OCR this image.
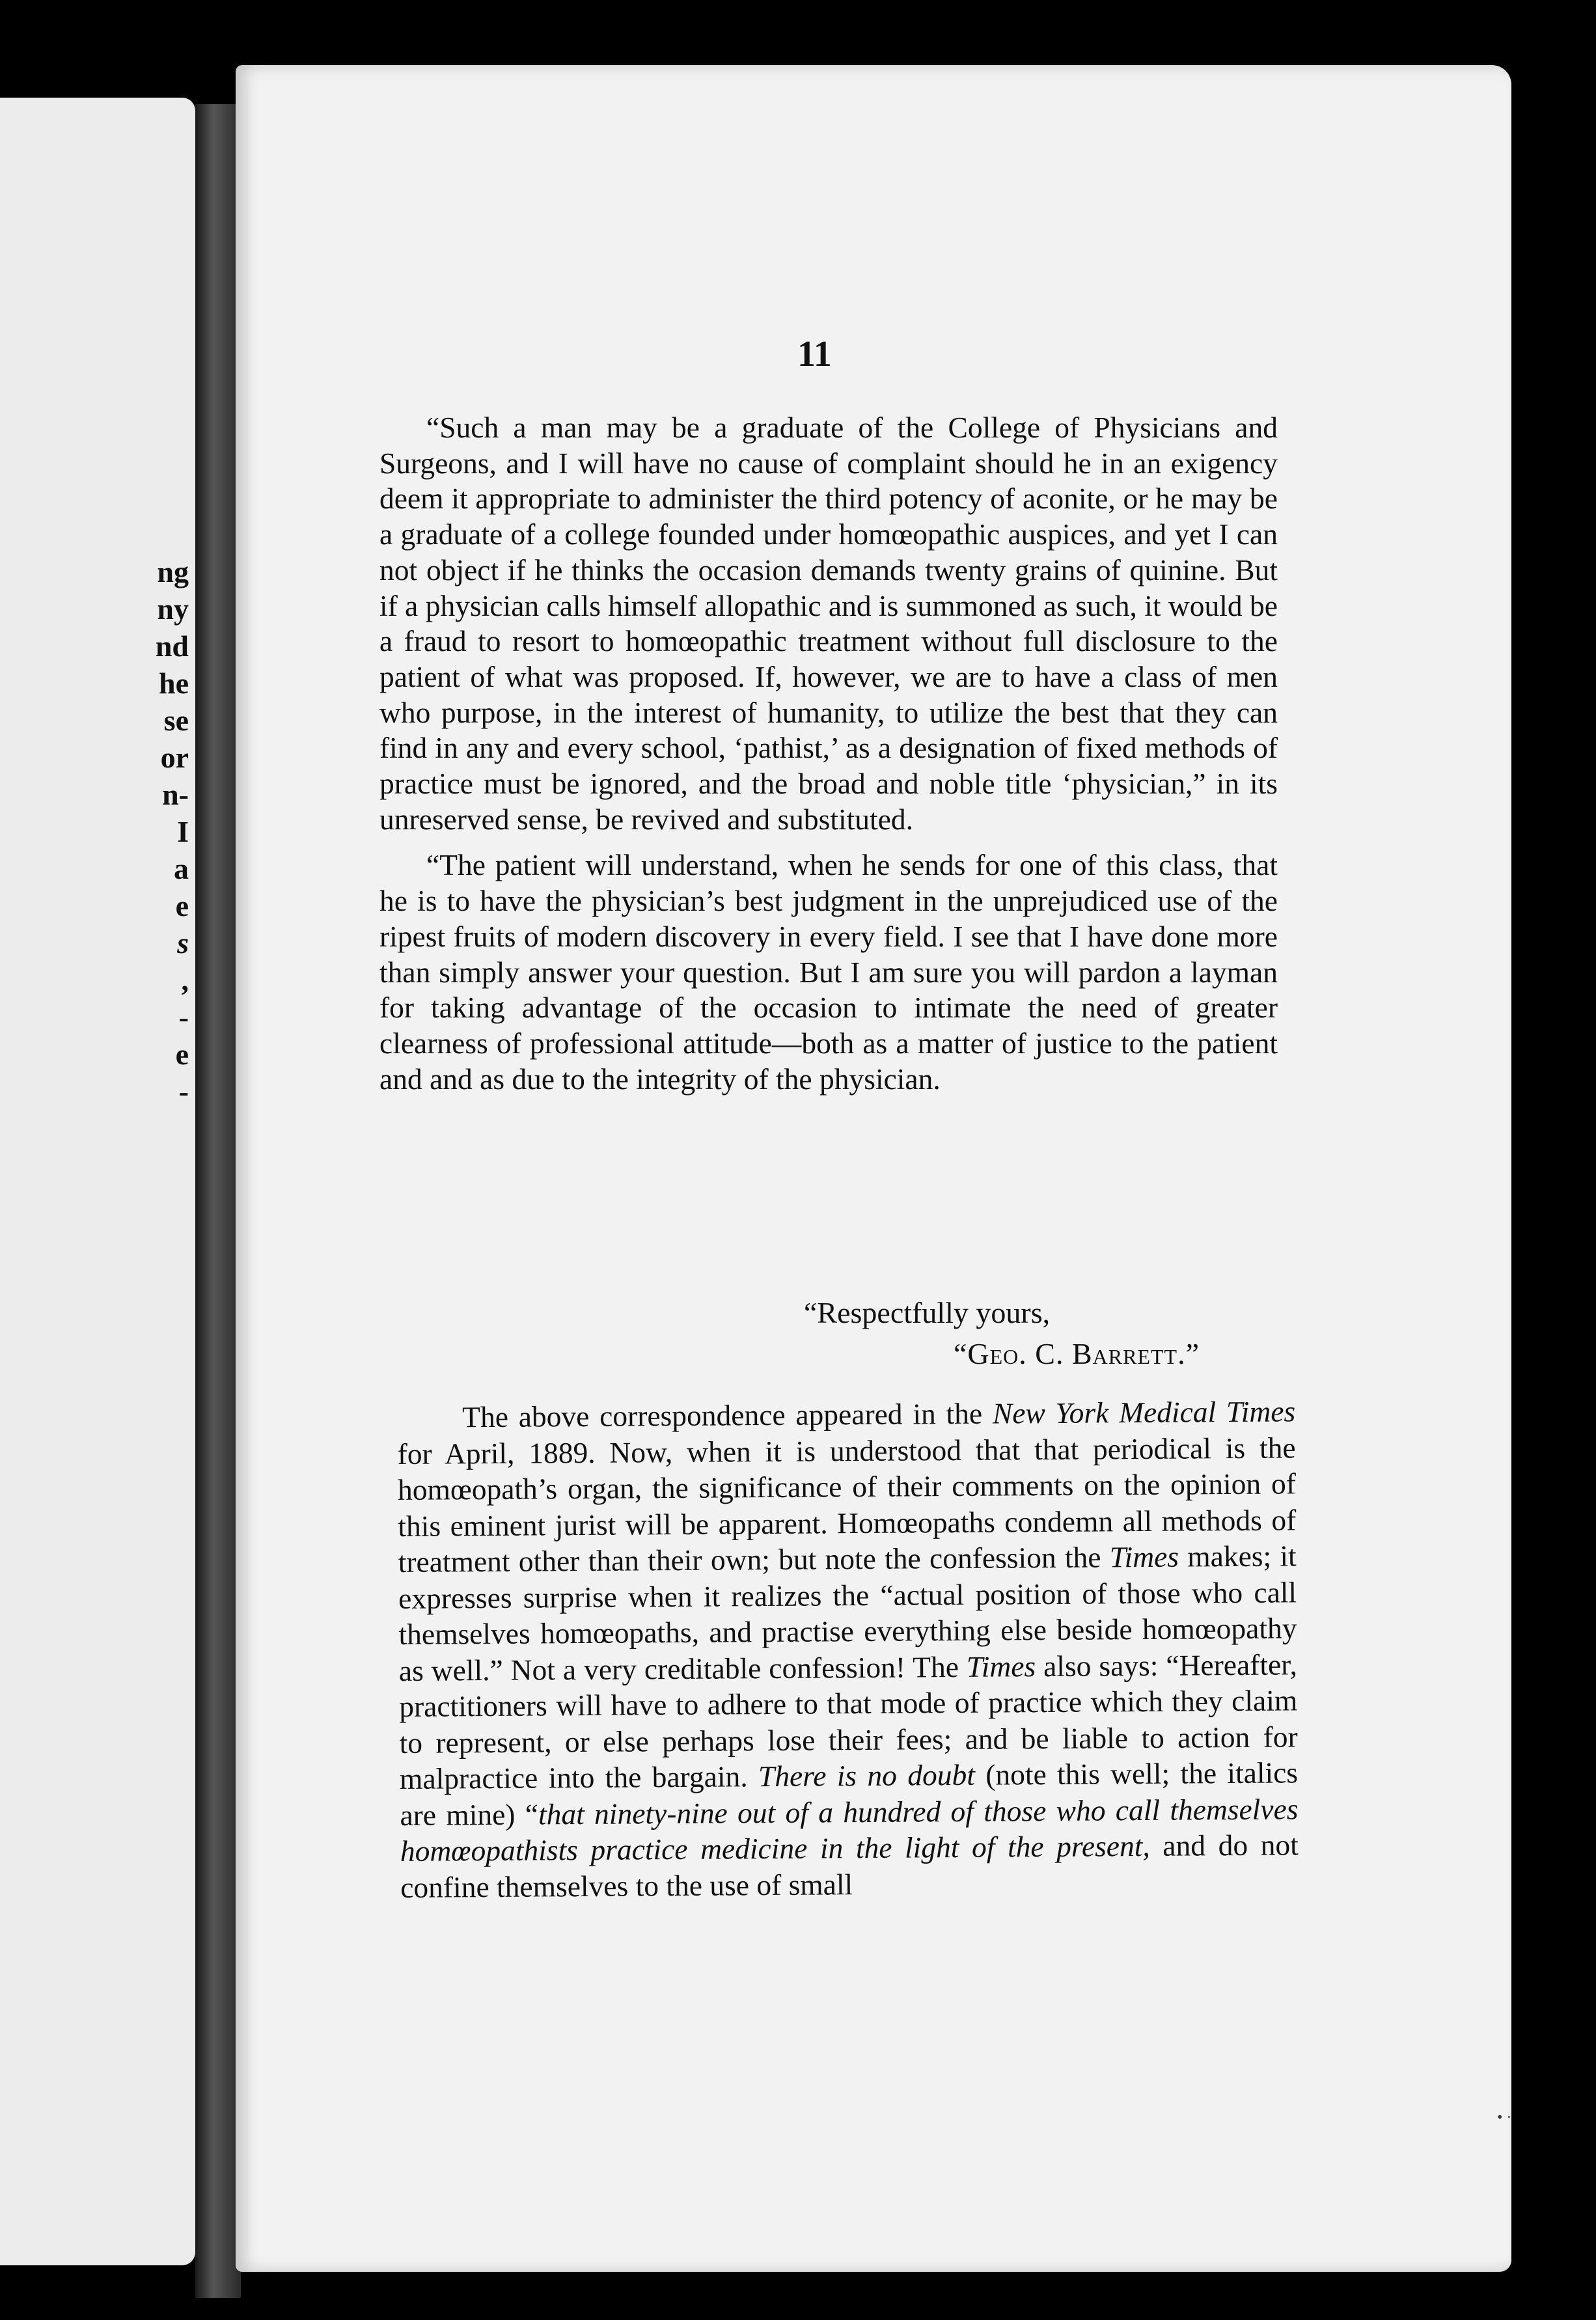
ng
ny
nd
he
se
or
n-
I
a
e
s
,
-
e
-
11

“Such a man may be a graduate of the College of Physicians and Surgeons, and I will have no cause of complaint should he in an exigency deem it appropriate to administer the third potency of aconite, or he may be a graduate of a college founded under homœopathic auspices, and yet I can not object if he thinks the occasion demands twenty grains of quinine. But if a physician calls himself allopathic and is summoned as such, it would be a fraud to resort to homœopathic treatment without full disclosure to the patient of what was proposed. If, however, we are to have a class of men who purpose, in the interest of humanity, to utilize the best that they can find in any and every school, ‘pathist,’ as a designation of fixed methods of practice must be ignored, and the broad and noble title ‘physician,” in its unreserved sense, be revived and substituted.

“The patient will understand, when he sends for one of this class, that he is to have the physician’s best judgment in the unprejudiced use of the ripest fruits of modern discovery in every field. I see that I have done more than simply answer your question. But I am sure you will pardon a layman for taking advantage of the occasion to intimate the need of greater clearness of professional attitude—both as a matter of justice to the patient and and as due to the integrity of the physician.

“Respectfully yours,
“Geo. C. Barrett.”

The above correspondence appeared in the New York Medical Times for April, 1889. Now, when it is understood that that periodical is the homœopath’s organ, the significance of their comments on the opinion of this eminent jurist will be apparent. Homœopaths condemn all methods of treatment other than their own; but note the confession the Times makes; it expresses surprise when it realizes the “actual position of those who call themselves homœopaths, and practise everything else beside homœopathy as well.” Not a very creditable confession! The Times also says: “Hereafter, practitioners will have to adhere to that mode of practice which they claim to represent, or else perhaps lose their fees; and be liable to action for malpractice into the bargain. There is no doubt (note this well; the italics are mine) “that ninety-nine out of a hundred of those who call themselves homœopathists practice medicine in the light of the present, and do not confine themselves to the use of small

• ·
